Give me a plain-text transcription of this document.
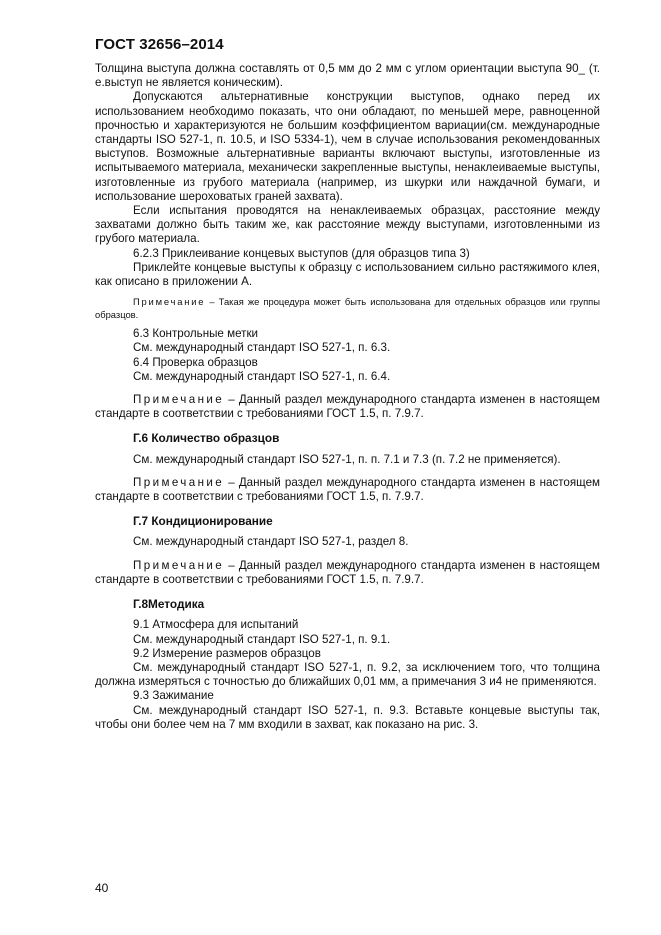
ГОСТ 32656–2014

Толщина выступа должна составлять от 0,5 мм до 2 мм с углом ориентации выступа 90_ (т. е.выступ не является коническим).

Допускаются альтернативные конструкции выступов, однако перед их использованием необходимо показать, что они обладают, по меньшей мере, равноценной прочностью и характеризуются не большим коэффициентом вариации(см. международные стандарты ISO 527-1, п. 10.5, и ISO 5334-1), чем в случае использования рекомендованных выступов. Возможные альтернативные варианты включают выступы, изготовленные из испытываемого материала, механически закрепленные выступы, ненаклеиваемые выступы, изготовленные из грубого материала (например, из шкурки или наждачной бумаги, и использование шероховатых граней захвата).

Если испытания проводятся на ненаклеиваемых образцах, расстояние между захватами должно быть таким же, как расстояние между выступами, изготовленными из грубого материала.

6.2.3 Приклеивание концевых выступов (для образцов типа 3)

Приклейте концевые выступы к образцу с использованием сильно растяжимого клея, как описано в приложении А.

Примечание – Такая же процедура может быть использована для отдельных образцов или группы образцов.

6.3 Контрольные метки

См. международный стандарт ISO 527-1, п. 6.3.

6.4 Проверка образцов

См. международный стандарт ISO 527-1, п. 6.4.

Примечание – Данный раздел международного стандарта изменен в настоящем стандарте в соответствии с требованиями ГОСТ 1.5, п. 7.9.7.

Г.6 Количество образцов

См. международный стандарт ISO 527-1, п. п. 7.1 и 7.3 (п. 7.2 не применяется).

Примечание – Данный раздел международного стандарта изменен в настоящем стандарте в соответствии с требованиями ГОСТ 1.5, п. 7.9.7.

Г.7 Кондиционирование

См. международный стандарт ISO 527-1, раздел 8.

Примечание – Данный раздел международного стандарта изменен в настоящем стандарте в соответствии с требованиями ГОСТ 1.5, п. 7.9.7.

Г.8Методика

9.1 Атмосфера для испытаний

См. международный стандарт ISO 527-1, п. 9.1.

9.2 Измерение размеров образцов

См. международный стандарт ISO 527-1, п. 9.2, за исключением того, что толщина должна измеряться с точностью до ближайших 0,01 мм, а примечания 3 и4 не применяются.

9.3 Зажимание

См. международный стандарт ISO 527-1, п. 9.3. Вставьте концевые выступы так, чтобы они более чем на 7 мм входили в захват, как показано на рис. 3.

40
